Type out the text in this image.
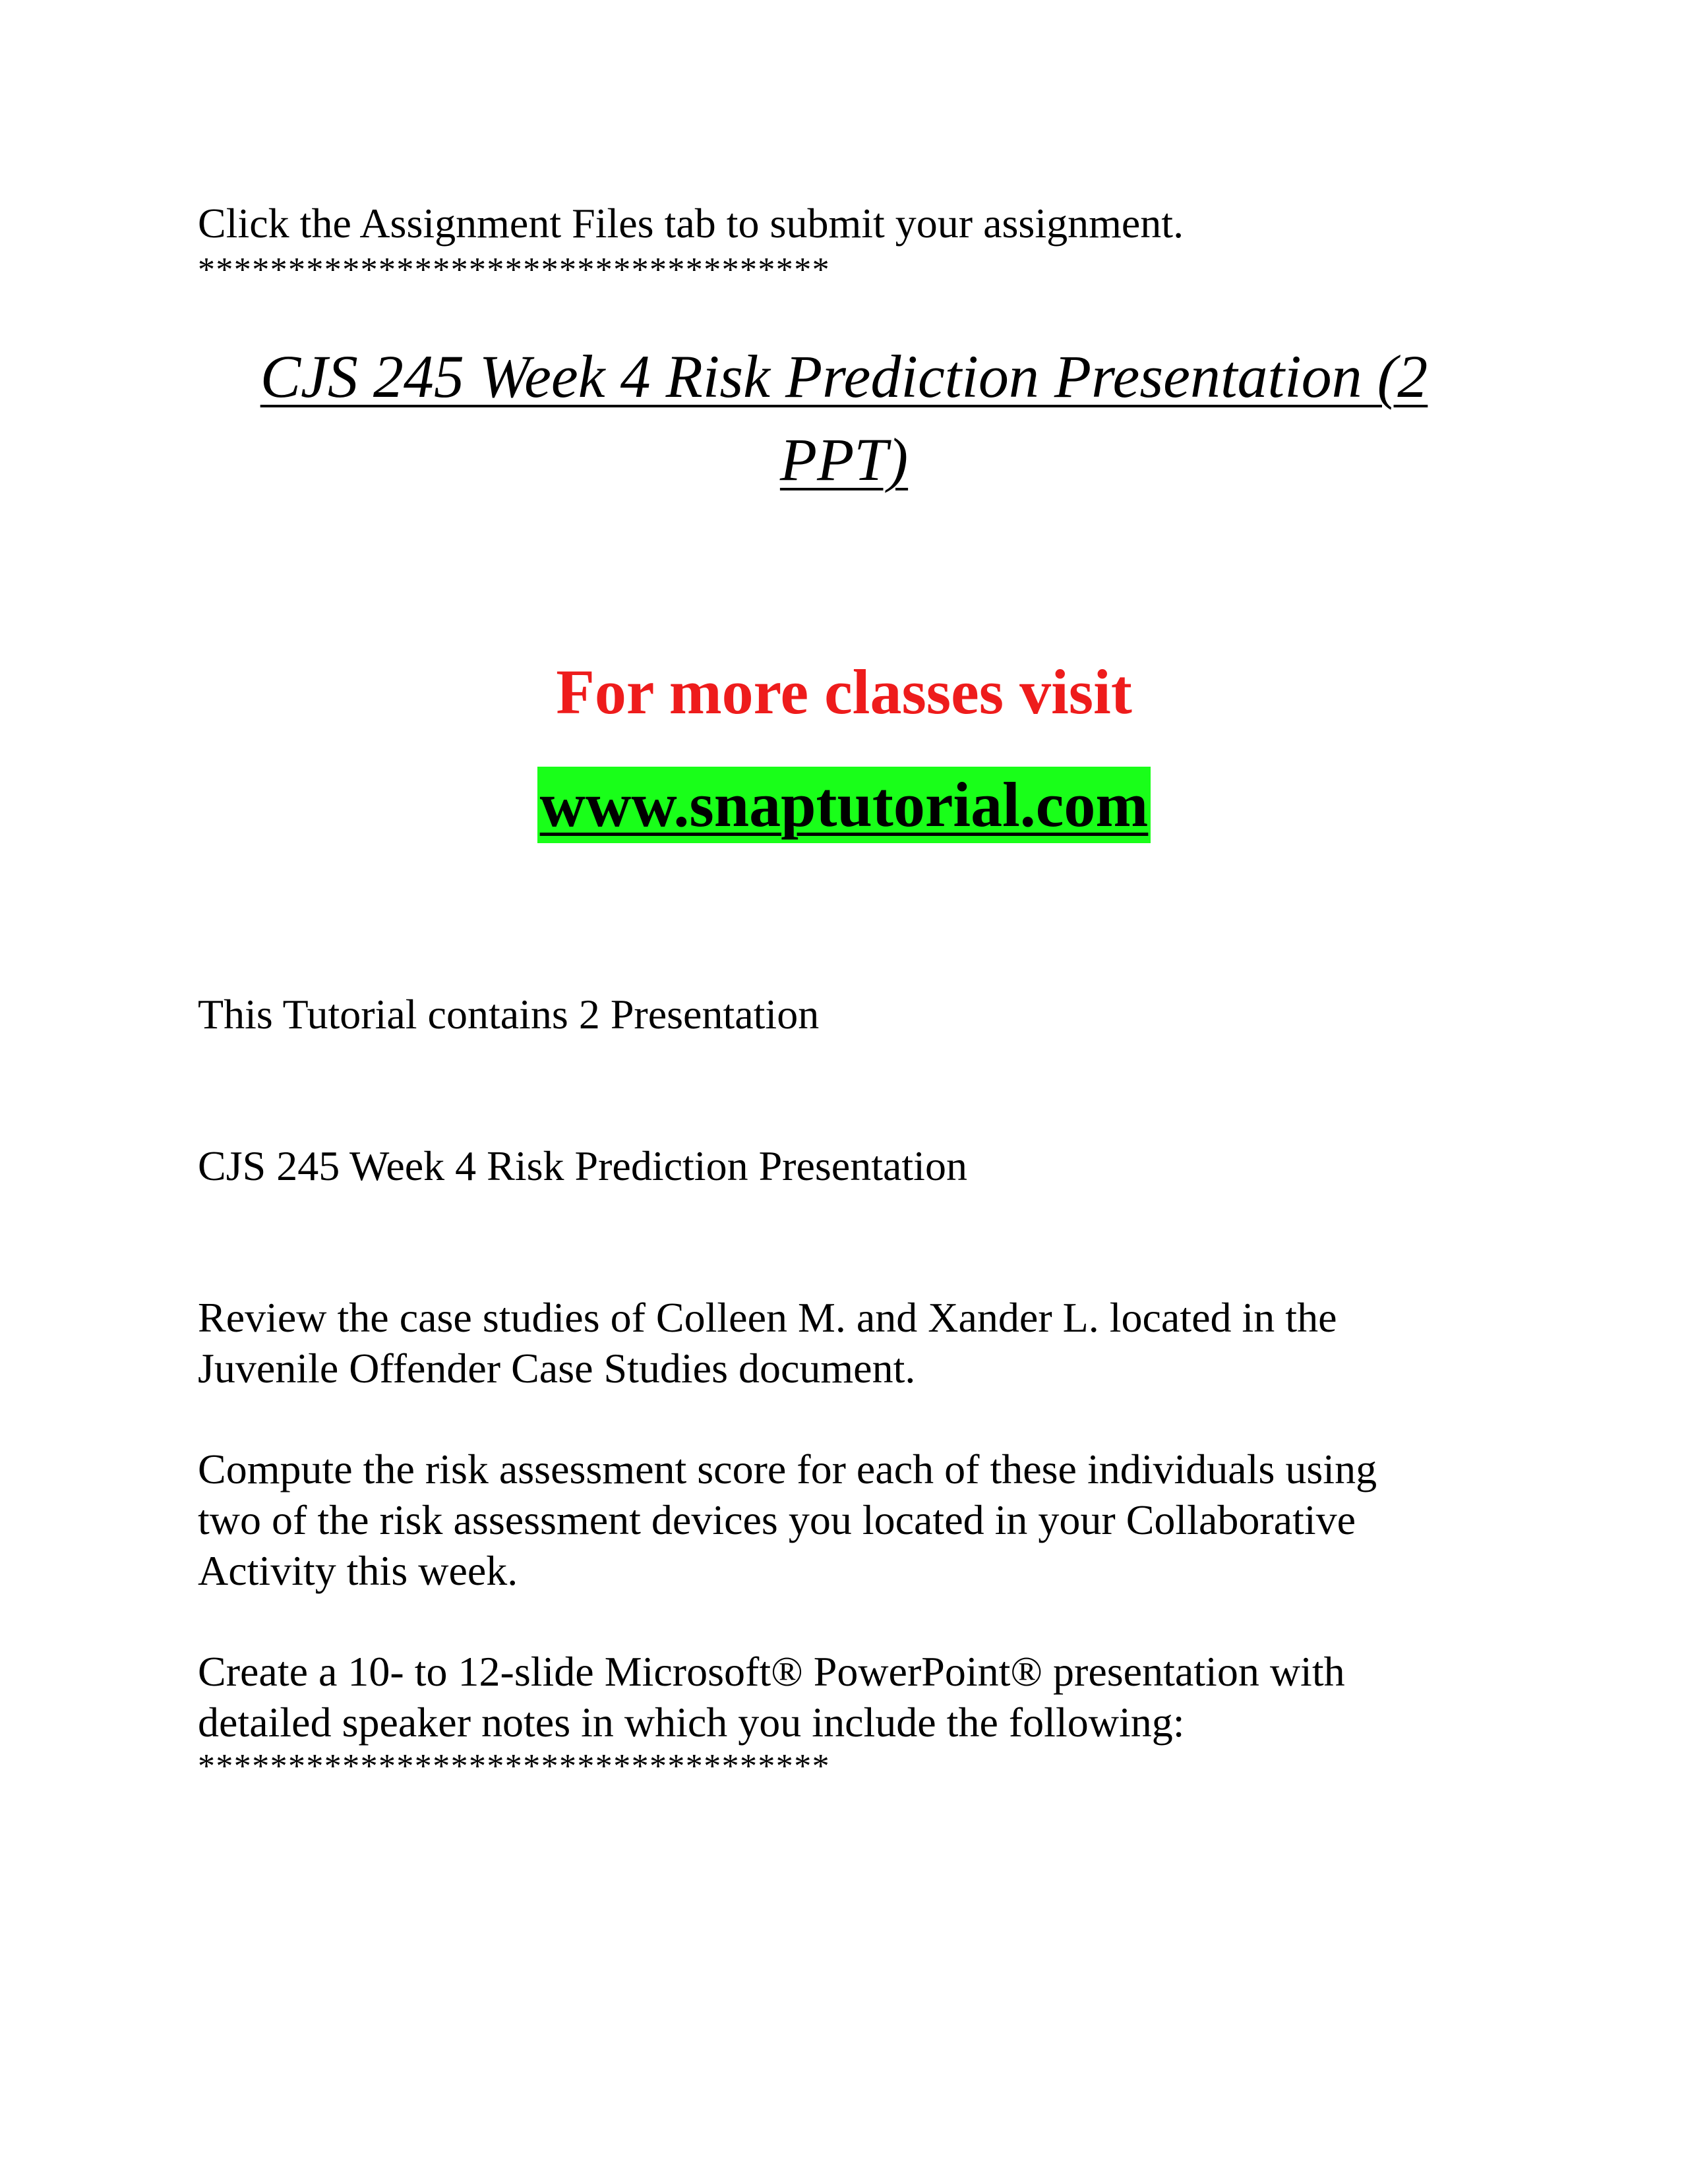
Click the Assignment Files tab to submit your assignment.

***********************************

CJS 245 Week 4 Risk Prediction Presentation (2 PPT)

For more classes visit

www.snaptutorial.com

This Tutorial contains 2 Presentation

CJS 245 Week 4 Risk Prediction Presentation

Review the case studies of Colleen M. and Xander L. located in the Juvenile Offender Case Studies document.

Compute the risk assessment score for each of these individuals using two of the risk assessment devices you located in your Collaborative Activity this week.

Create a 10- to 12-slide Microsoft® PowerPoint® presentation with detailed speaker notes in which you include the following:

***********************************
